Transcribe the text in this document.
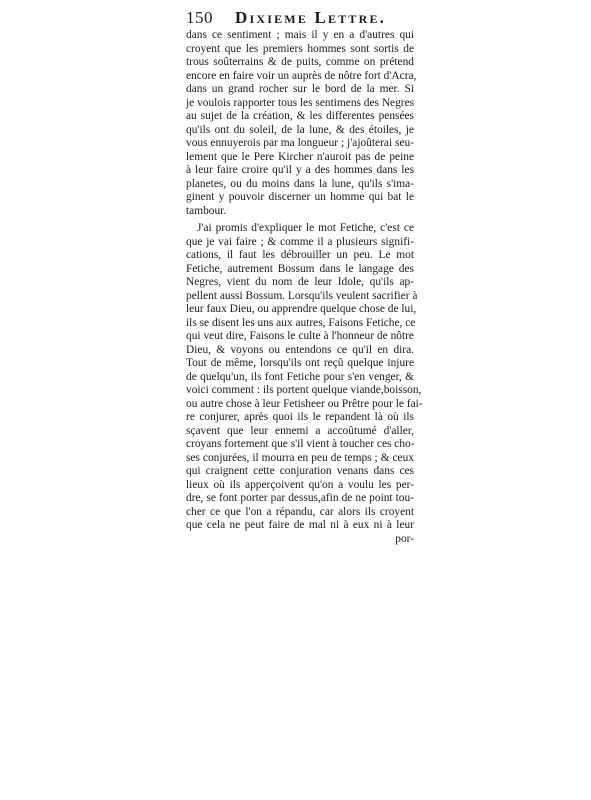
150 Dixieme Lettre.
dans ce sentiment ; mais il y en a d'autres qui
croyent que les premiers hommes sont sortis de
trous soûterrains & de puits, comme on prétend
encore en faire voir un auprès de nôtre fort d'Acra,
dans un grand rocher sur le bord de la mer. Si
je voulois rapporter tous les sentimens des Negres
au sujet de la création, & les differentes pensées
qu'ils ont du soleil, de la lune, & des étoiles, je
vous ennuyerois par ma longueur ; j'ajoûterai seu-
lement que le Pere Kircher n'auroit pas de peine
à leur faire croire qu'il y a des hommes dans les
planetes, ou du moins dans la lune, qu'ils s'ima-
ginent y pouvoir discerner un homme qui bat le
tambour.
J'ai promis d'expliquer le mot Fetiche, c'est ce
que je vai faire ; & comme il a plusieurs signifi-
cations, il faut les débrouiller un peu. Le mot
Fetiche, autrement Bossum dans le langage des
Negres, vient du nom de leur Idole, qu'ils ap-
pellent aussi Bossum. Lorsqu'ils veulent sacrifier à
leur faux Dieu, ou apprendre quelque chose de lui,
ils se disent les uns aux autres, Faisons Fetiche, ce
qui veut dire, Faisons le culte à l'honneur de nôtre
Dieu, & voyons ou entendons ce qu'il en dira.
Tout de même, lorsqu'ils ont reçû quelque injure
de quelqu'un, ils font Fetiche pour s'en venger, &
voici comment : ils portent quelque viande,boisson,
ou autre chose à leur Fetisheer ou Prêtre pour le fai-
re conjurer, après quoi ils le repandent là où ils
sçavent que leur ennemi a accoûtumé d'aller,
croyans fortement que s'il vient à toucher ces cho-
ses conjurées, il mourra en peu de temps ; & ceux
qui craignent cette conjuration venans dans ces
lieux où ils apperçoivent qu'on a voulu les per-
dre, se font porter par dessus,afin de ne point tou-
cher ce que l'on a répandu, car alors ils croyent
que cela ne peut faire de mal ni à eux ni à leur
por-
